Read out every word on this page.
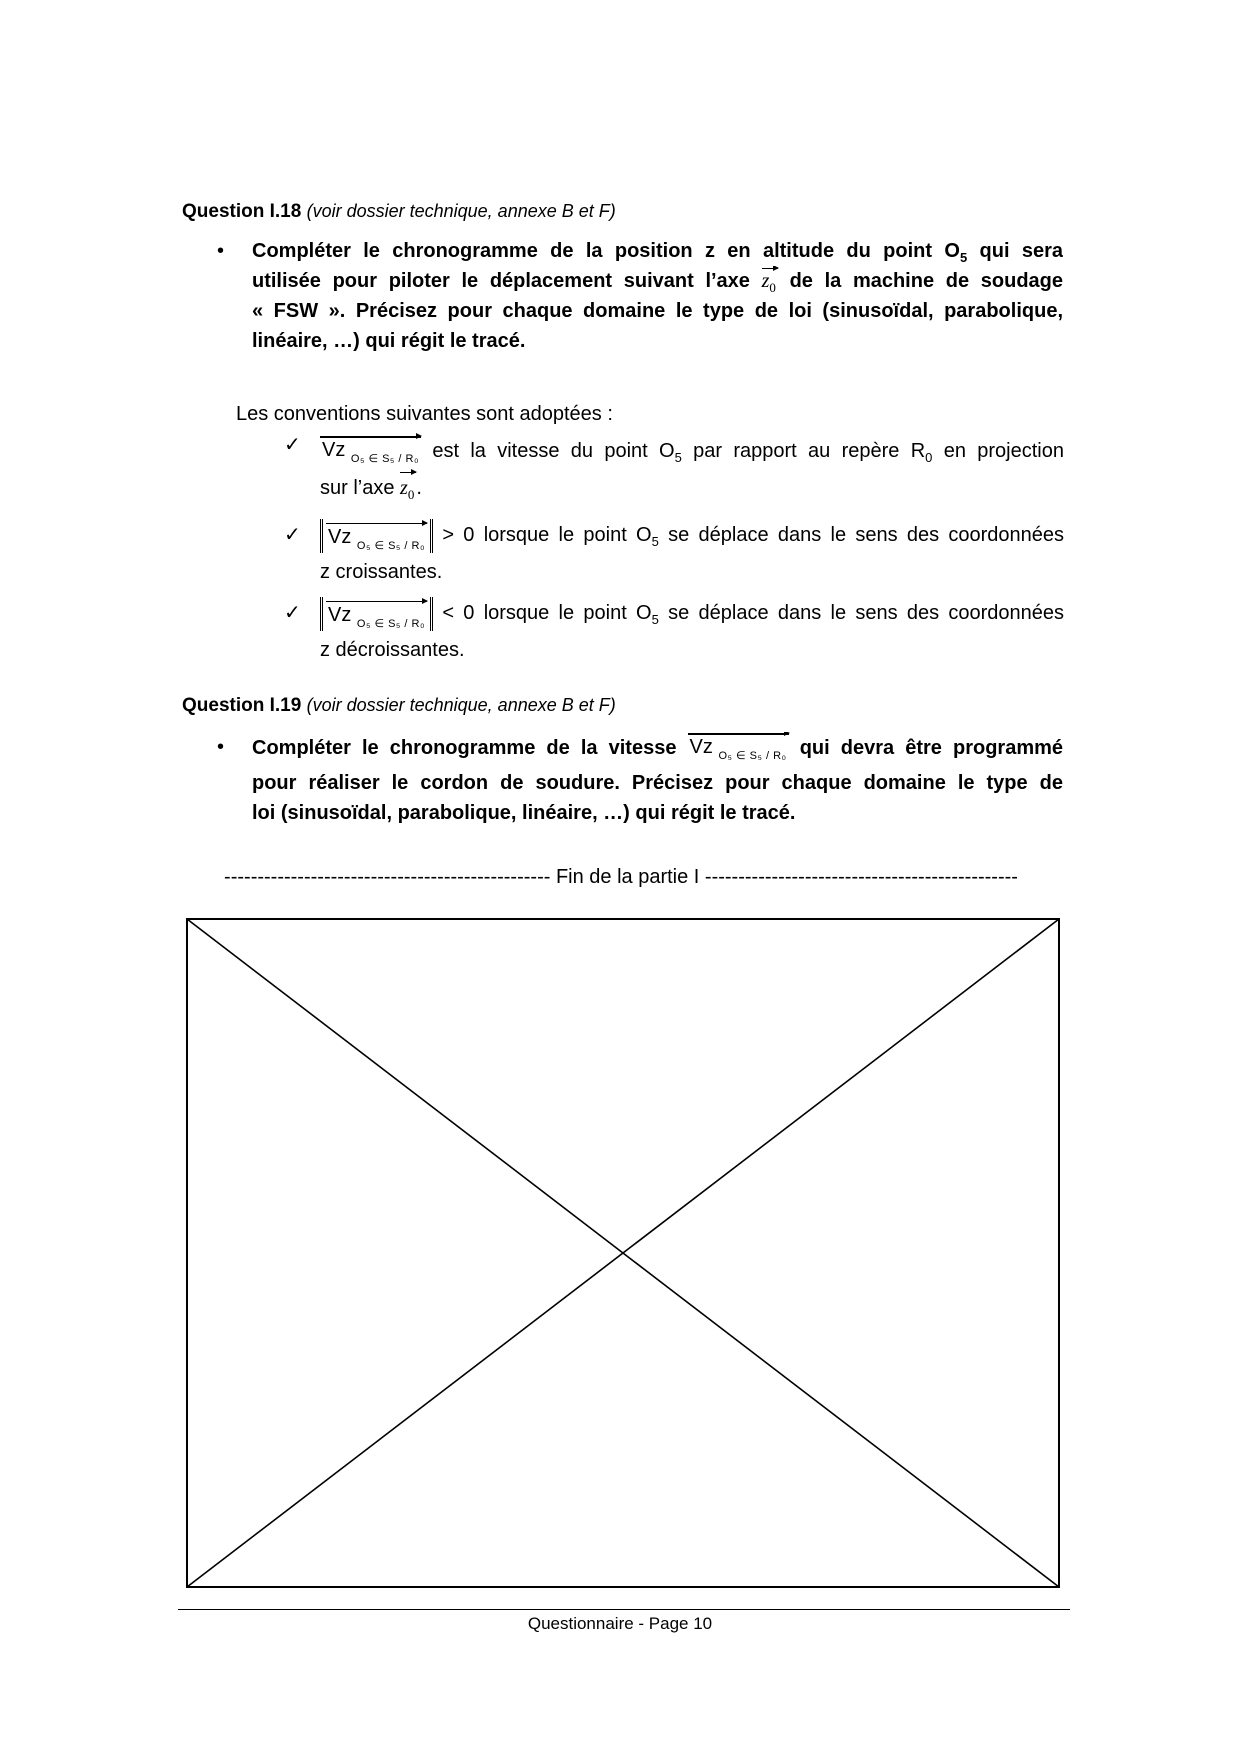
Question I.18 (voir dossier technique, annexe B et F)
• Compléter le chronogramme de la position z en altitude du point $O_5$ qui sera
utilisée pour piloter le déplacement suivant l’axe $z_0$ de la machine de soudage
« FSW ». Précisez pour chaque domaine le type de loi (sinusoïdal, parabolique,
linéaire, …) qui régit le tracé.
Les conventions suivantes sont adoptées :
✓ Vz $_{O_5 \in S_5 / R_0}$ est la vitesse du point $O_5$ par rapport au repère $R_0$ en projection
sur l’axe $z_0$ .
✓	Vz $_{O_5 \in S_5 / R_0}$ > 0 lorsque le point $O_5$ se déplace dans le sens des coordonnées
z croissantes.
✓	Vz $_{O_5 \in S_5 / R_0}$ < 0 lorsque le point $O_5$ se déplace dans le sens des coordonnées
z décroissantes.
Question I.19 (voir dossier technique, annexe B et F)
• Compléter le chronogramme de la vitesse Vz $_{O_5 \in S_5 / R_0}$ qui devra être programmé
pour réaliser le cordon de soudure. Précisez pour chaque domaine le type de
loi (sinusoïdal, parabolique, linéaire, …) qui régit le tracé.
------------------------------------------------- Fin de la partie I -----------------------------------------------
Questionnaire - Page 10
